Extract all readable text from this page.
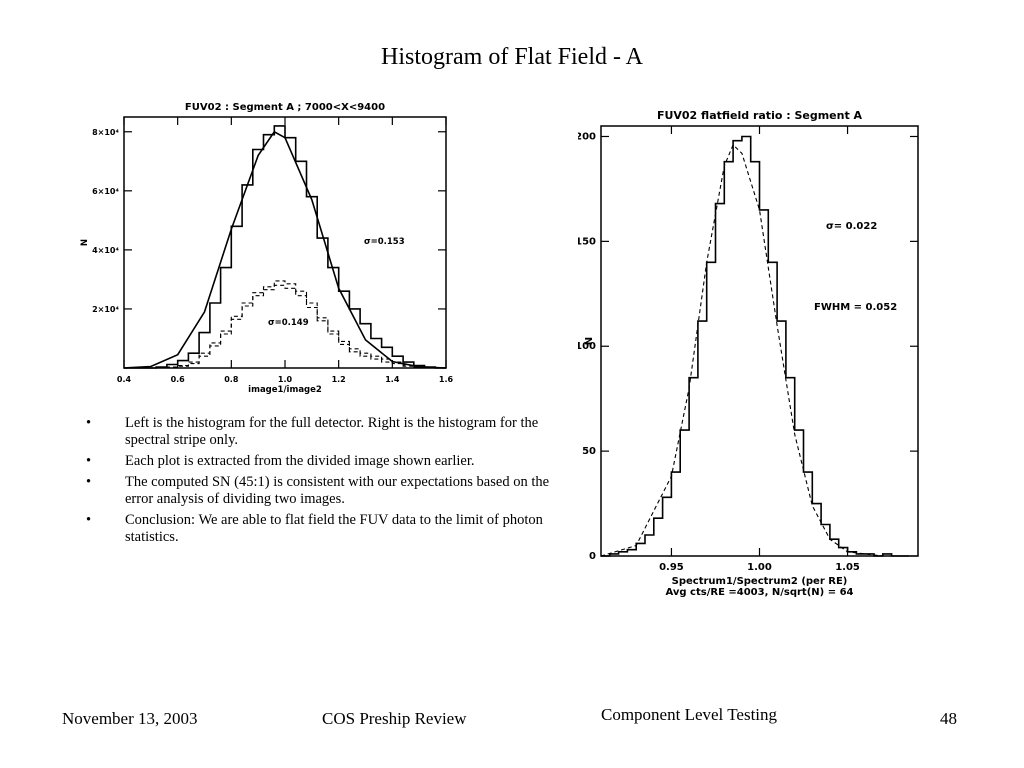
Histogram of Flat Field - A
FUV02 : Segment A ; 7000<X<9400
0.4	0.6	0.8	1.0	1.2	1.4	1.6
2×10⁴
4×10⁴
6×10⁴
8×10⁴
image1/image2
N	σ=0.153
σ=0.149
FUV02 flatfield ratio : Segment A
0.95	1.00	1.05
0
50
100
150
200
Spectrum1/Spectrum2 (per RE)
Avg cts/RE =4003, N/sqrt(N) = 64
N
σ= 0.022
FWHM = 0.052
• Left is the histogram for the full detector. Right is the histogram for the spectral stripe only.
• Each plot is extracted from the divided image shown earlier.
• The computed SN (45:1) is consistent with our expectations based on the error analysis of dividing two images.
• Conclusion: We are able to flat field the FUV data to the limit of photon statistics.
November 13, 2003	COS Preship Review	Component Level Testing	48
